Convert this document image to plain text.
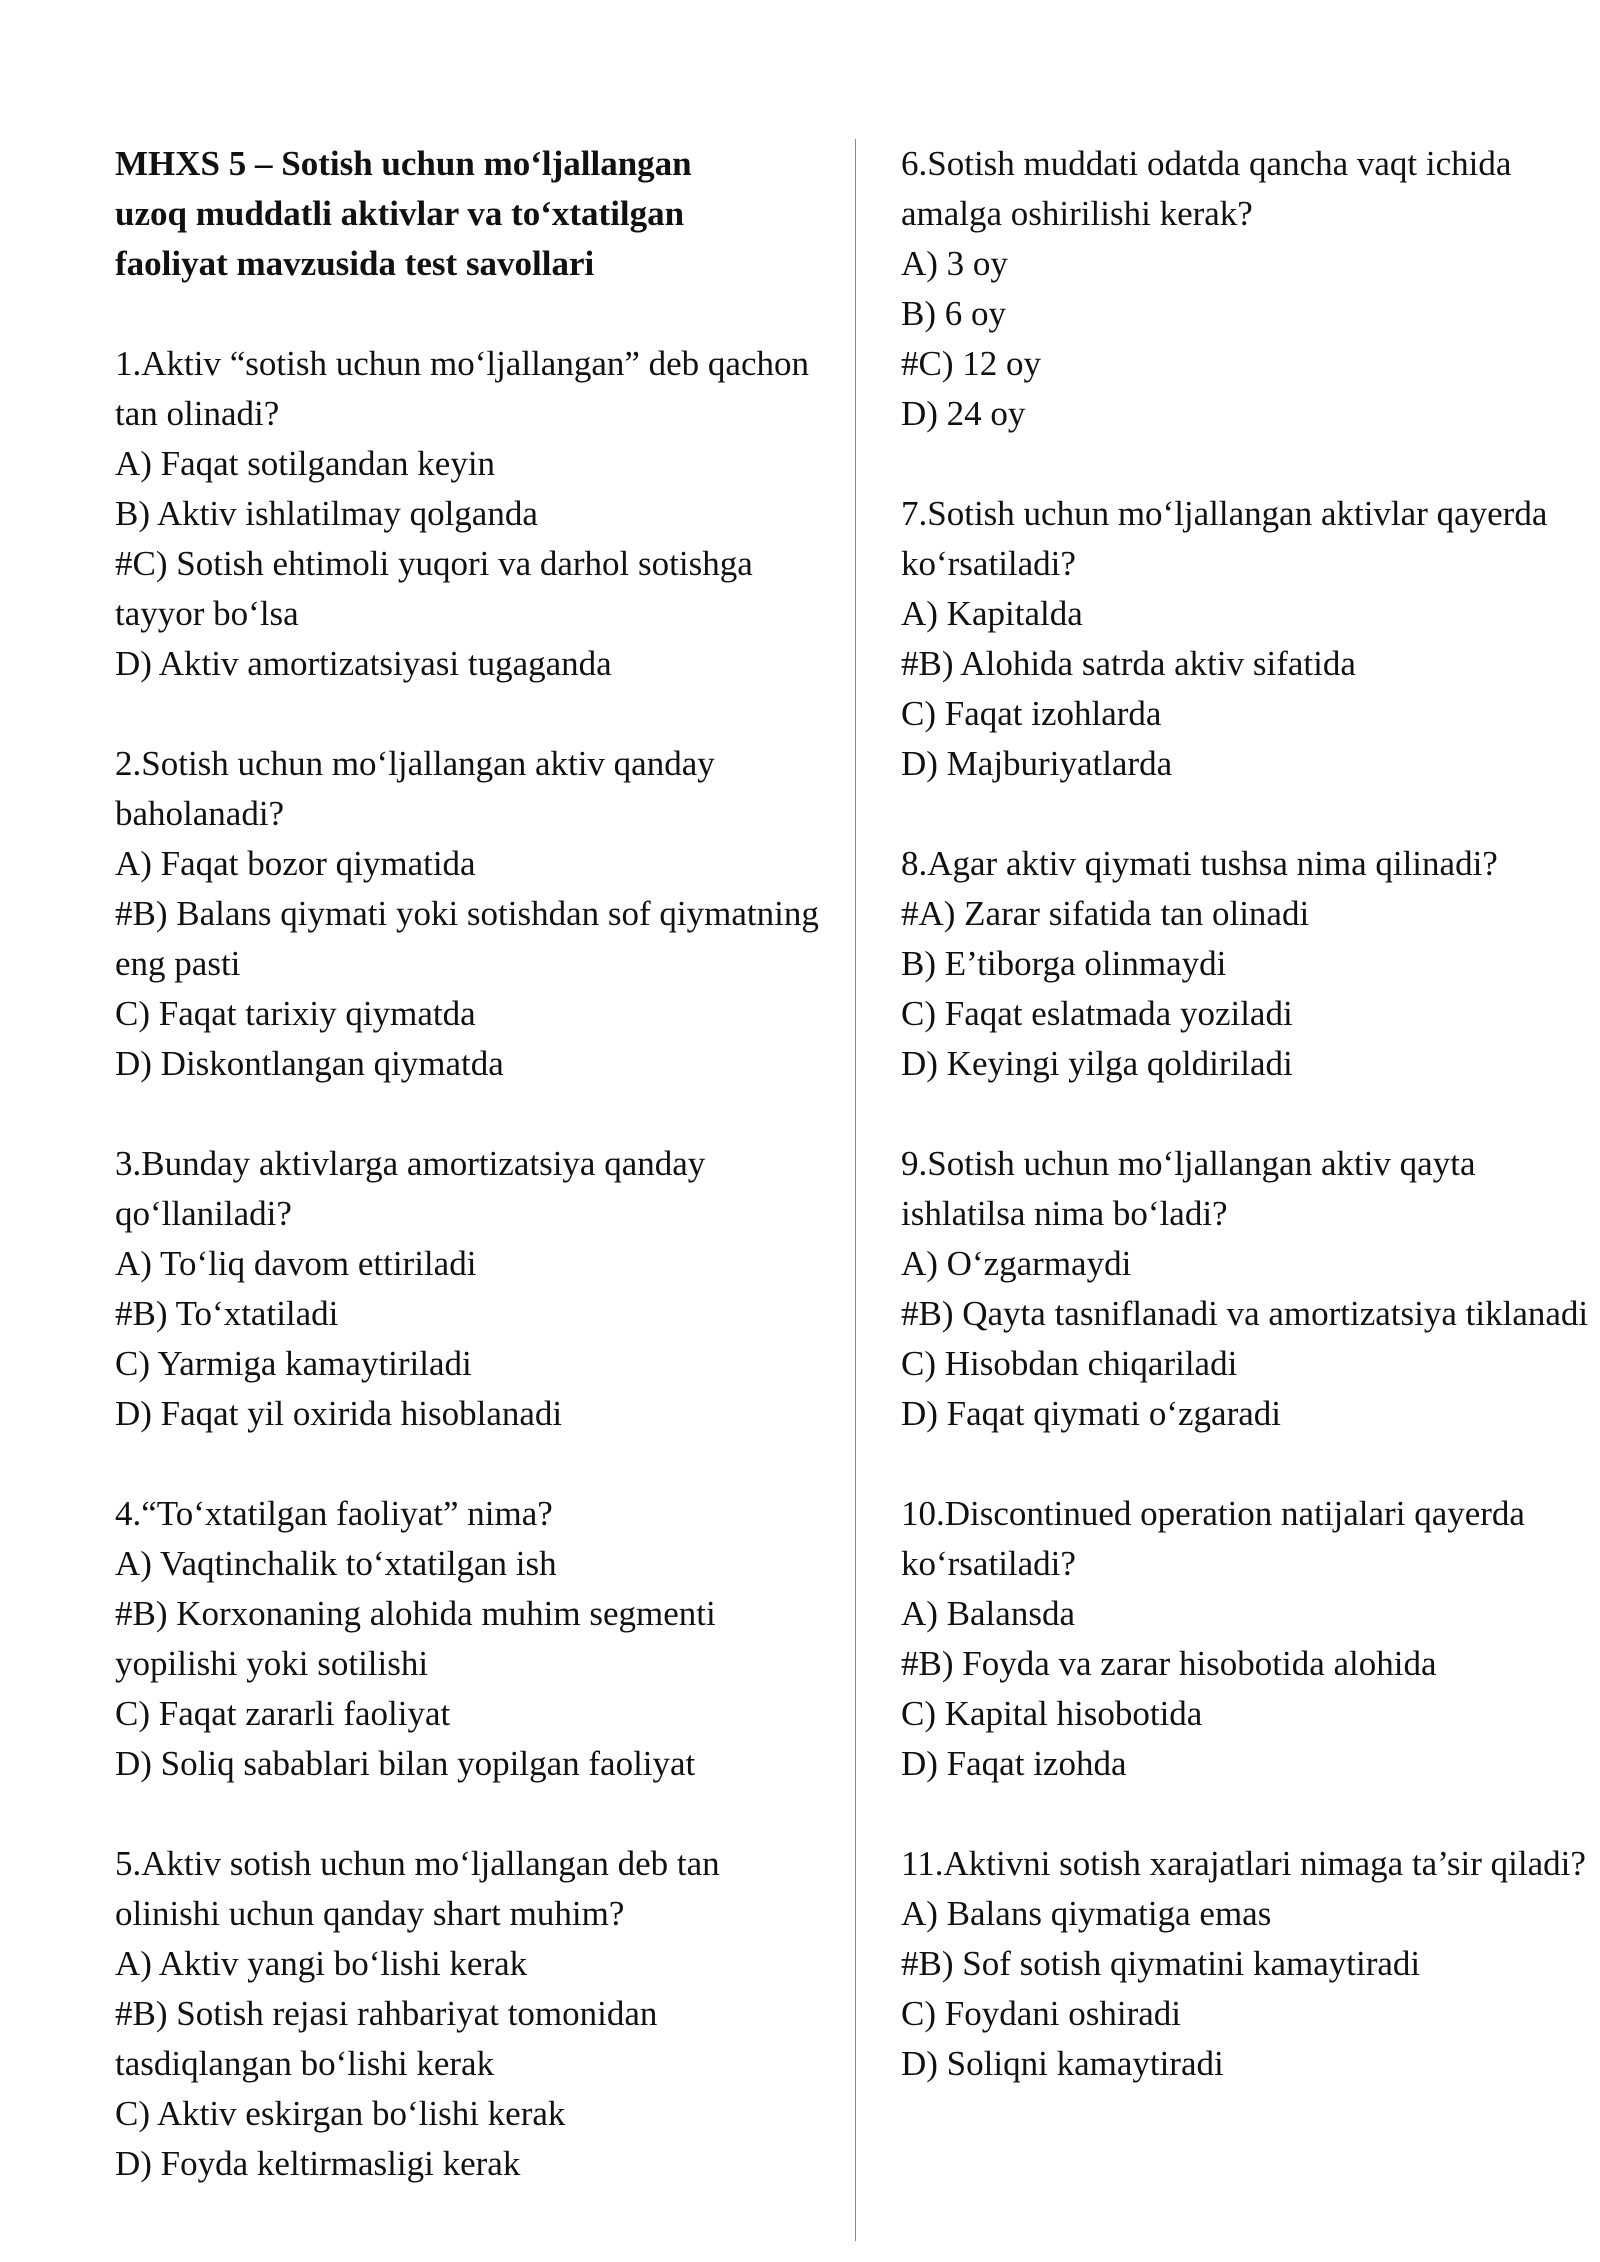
MHXS 5 – Sotish uchun mo‘ljallangan
uzoq muddatli aktivlar va to‘xtatilgan
faoliyat mavzusida test savollari
1.Aktiv “sotish uchun mo‘ljallangan” deb qachon tan olinadi?
A) Faqat sotilgandan keyin
B) Aktiv ishlatilmay qolganda
#C) Sotish ehtimoli yuqori va darhol sotishga tayyor bo‘lsa
D) Aktiv amortizatsiyasi tugaganda
2.Sotish uchun mo‘ljallangan aktiv qanday baholanadi?
A) Faqat bozor qiymatida
#B) Balans qiymati yoki sotishdan sof qiymatning eng pasti
C) Faqat tarixiy qiymatda
D) Diskontlangan qiymatda
3.Bunday aktivlarga amortizatsiya qanday qo‘llaniladi?
A) To‘liq davom ettiriladi
#B) To‘xtatiladi
C) Yarmiga kamaytiriladi
D) Faqat yil oxirida hisoblanadi
4.“To‘xtatilgan faoliyat” nima?
A) Vaqtinchalik to‘xtatilgan ish
#B) Korxonaning alohida muhim segmenti yopilishi yoki sotilishi
C) Faqat zararli faoliyat
D) Soliq sabablari bilan yopilgan faoliyat
5.Aktiv sotish uchun mo‘ljallangan deb tan olinishi uchun qanday shart muhim?
A) Aktiv yangi bo‘lishi kerak
#B) Sotish rejasi rahbariyat tomonidan tasdiqlangan bo‘lishi kerak
C) Aktiv eskirgan bo‘lishi kerak
D) Foyda keltirmasligi kerak
6.Sotish muddati odatda qancha vaqt ichida amalga oshirilishi kerak?
A) 3 oy
B) 6 oy
#C) 12 oy
D) 24 oy
7.Sotish uchun mo‘ljallangan aktivlar qayerda ko‘rsatiladi?
A) Kapitalda
#B) Alohida satrda aktiv sifatida
C) Faqat izohlarda
D) Majburiyatlarda
8.Agar aktiv qiymati tushsa nima qilinadi?
#A) Zarar sifatida tan olinadi
B) E’tiborga olinmaydi
C) Faqat eslatmada yoziladi
D) Keyingi yilga qoldiriladi
9.Sotish uchun mo‘ljallangan aktiv qayta ishlatilsa nima bo‘ladi?
A) O‘zgarmaydi
#B) Qayta tasniflanadi va amortizatsiya tiklanadi
C) Hisobdan chiqariladi
D) Faqat qiymati o‘zgaradi
10.Discontinued operation natijalari qayerda ko‘rsatiladi?
A) Balansda
#B) Foyda va zarar hisobotida alohida
C) Kapital hisobotida
D) Faqat izohda
11.Aktivni sotish xarajatlari nimaga ta’sir qiladi?
A) Balans qiymatiga emas
#B) Sof sotish qiymatini kamaytiradi
C) Foydani oshiradi
D) Soliqni kamaytiradi
